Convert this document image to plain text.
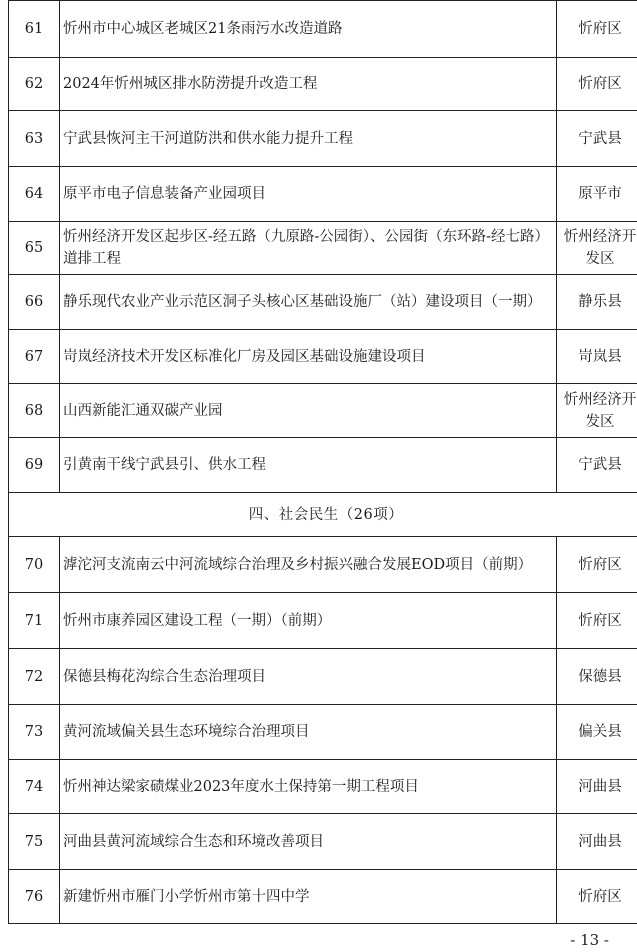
61	忻州市中心城区老城区21条雨污水改造道路	忻府区

62	2024年忻州城区排水防涝提升改造工程	忻府区

63	宁武县恢河主干河道防洪和供水能力提升工程	宁武县

64	原平市电子信息装备产业园项目	原平市

65	忻州经济开发区起步区-经五路（九原路-公园街）、公园街（东环路-经七路）道排工程	忻州经济开发区

66	静乐现代农业产业示范区洞子头核心区基础设施厂（站）建设项目（一期）	静乐县

67	岢岚经济技术开发区标准化厂房及园区基础设施建设项目	岢岚县

68	山西新能汇通双碳产业园	忻州经济开发区

69	引黄南干线宁武县引、供水工程	宁武县

四、社会民生（26项）		
70	滹沱河支流南云中河流域综合治理及乡村振兴融合发展EOD项目（前期）	忻府区

71	忻州市康养园区建设工程（一期）（前期）	忻府区

72	保德县梅花沟综合生态治理项目	保德县

73	黄河流域偏关县生态环境综合治理项目	偏关县

74	忻州神达梁家碛煤业2023年度水土保持第一期工程项目	河曲县

75	河曲县黄河流域综合生态和环境改善项目	河曲县

76	新建忻州市雁门小学忻州市第十四中学	忻府区
- 13 -
